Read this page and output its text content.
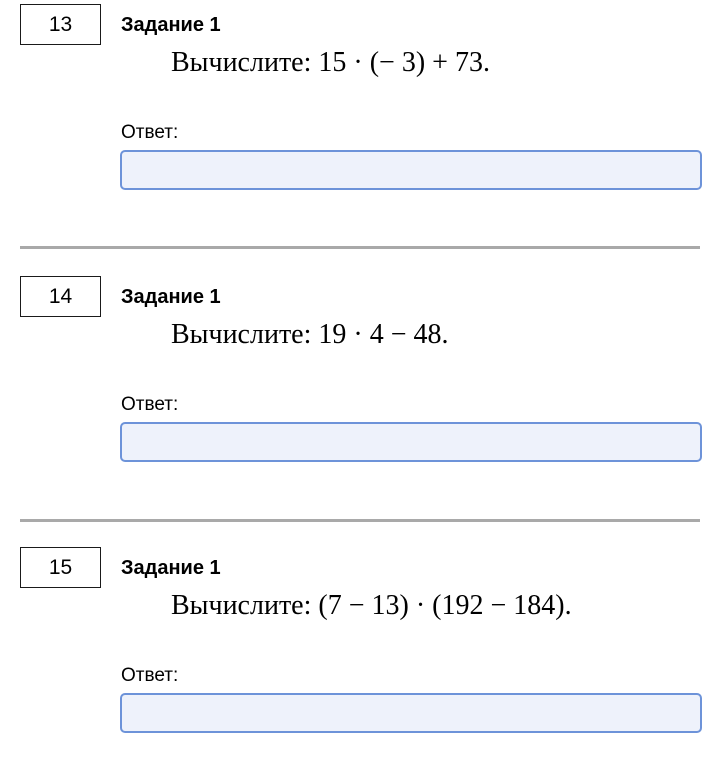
13	Задание 1
Вычислите: 15 · (− 3) + 73.
Ответ:
14	Задание 1
Вычислите: 19 · 4 − 48.
Ответ:
15	Задание 1
Вычислите: (7 − 13) · (192 − 184).
Ответ:
